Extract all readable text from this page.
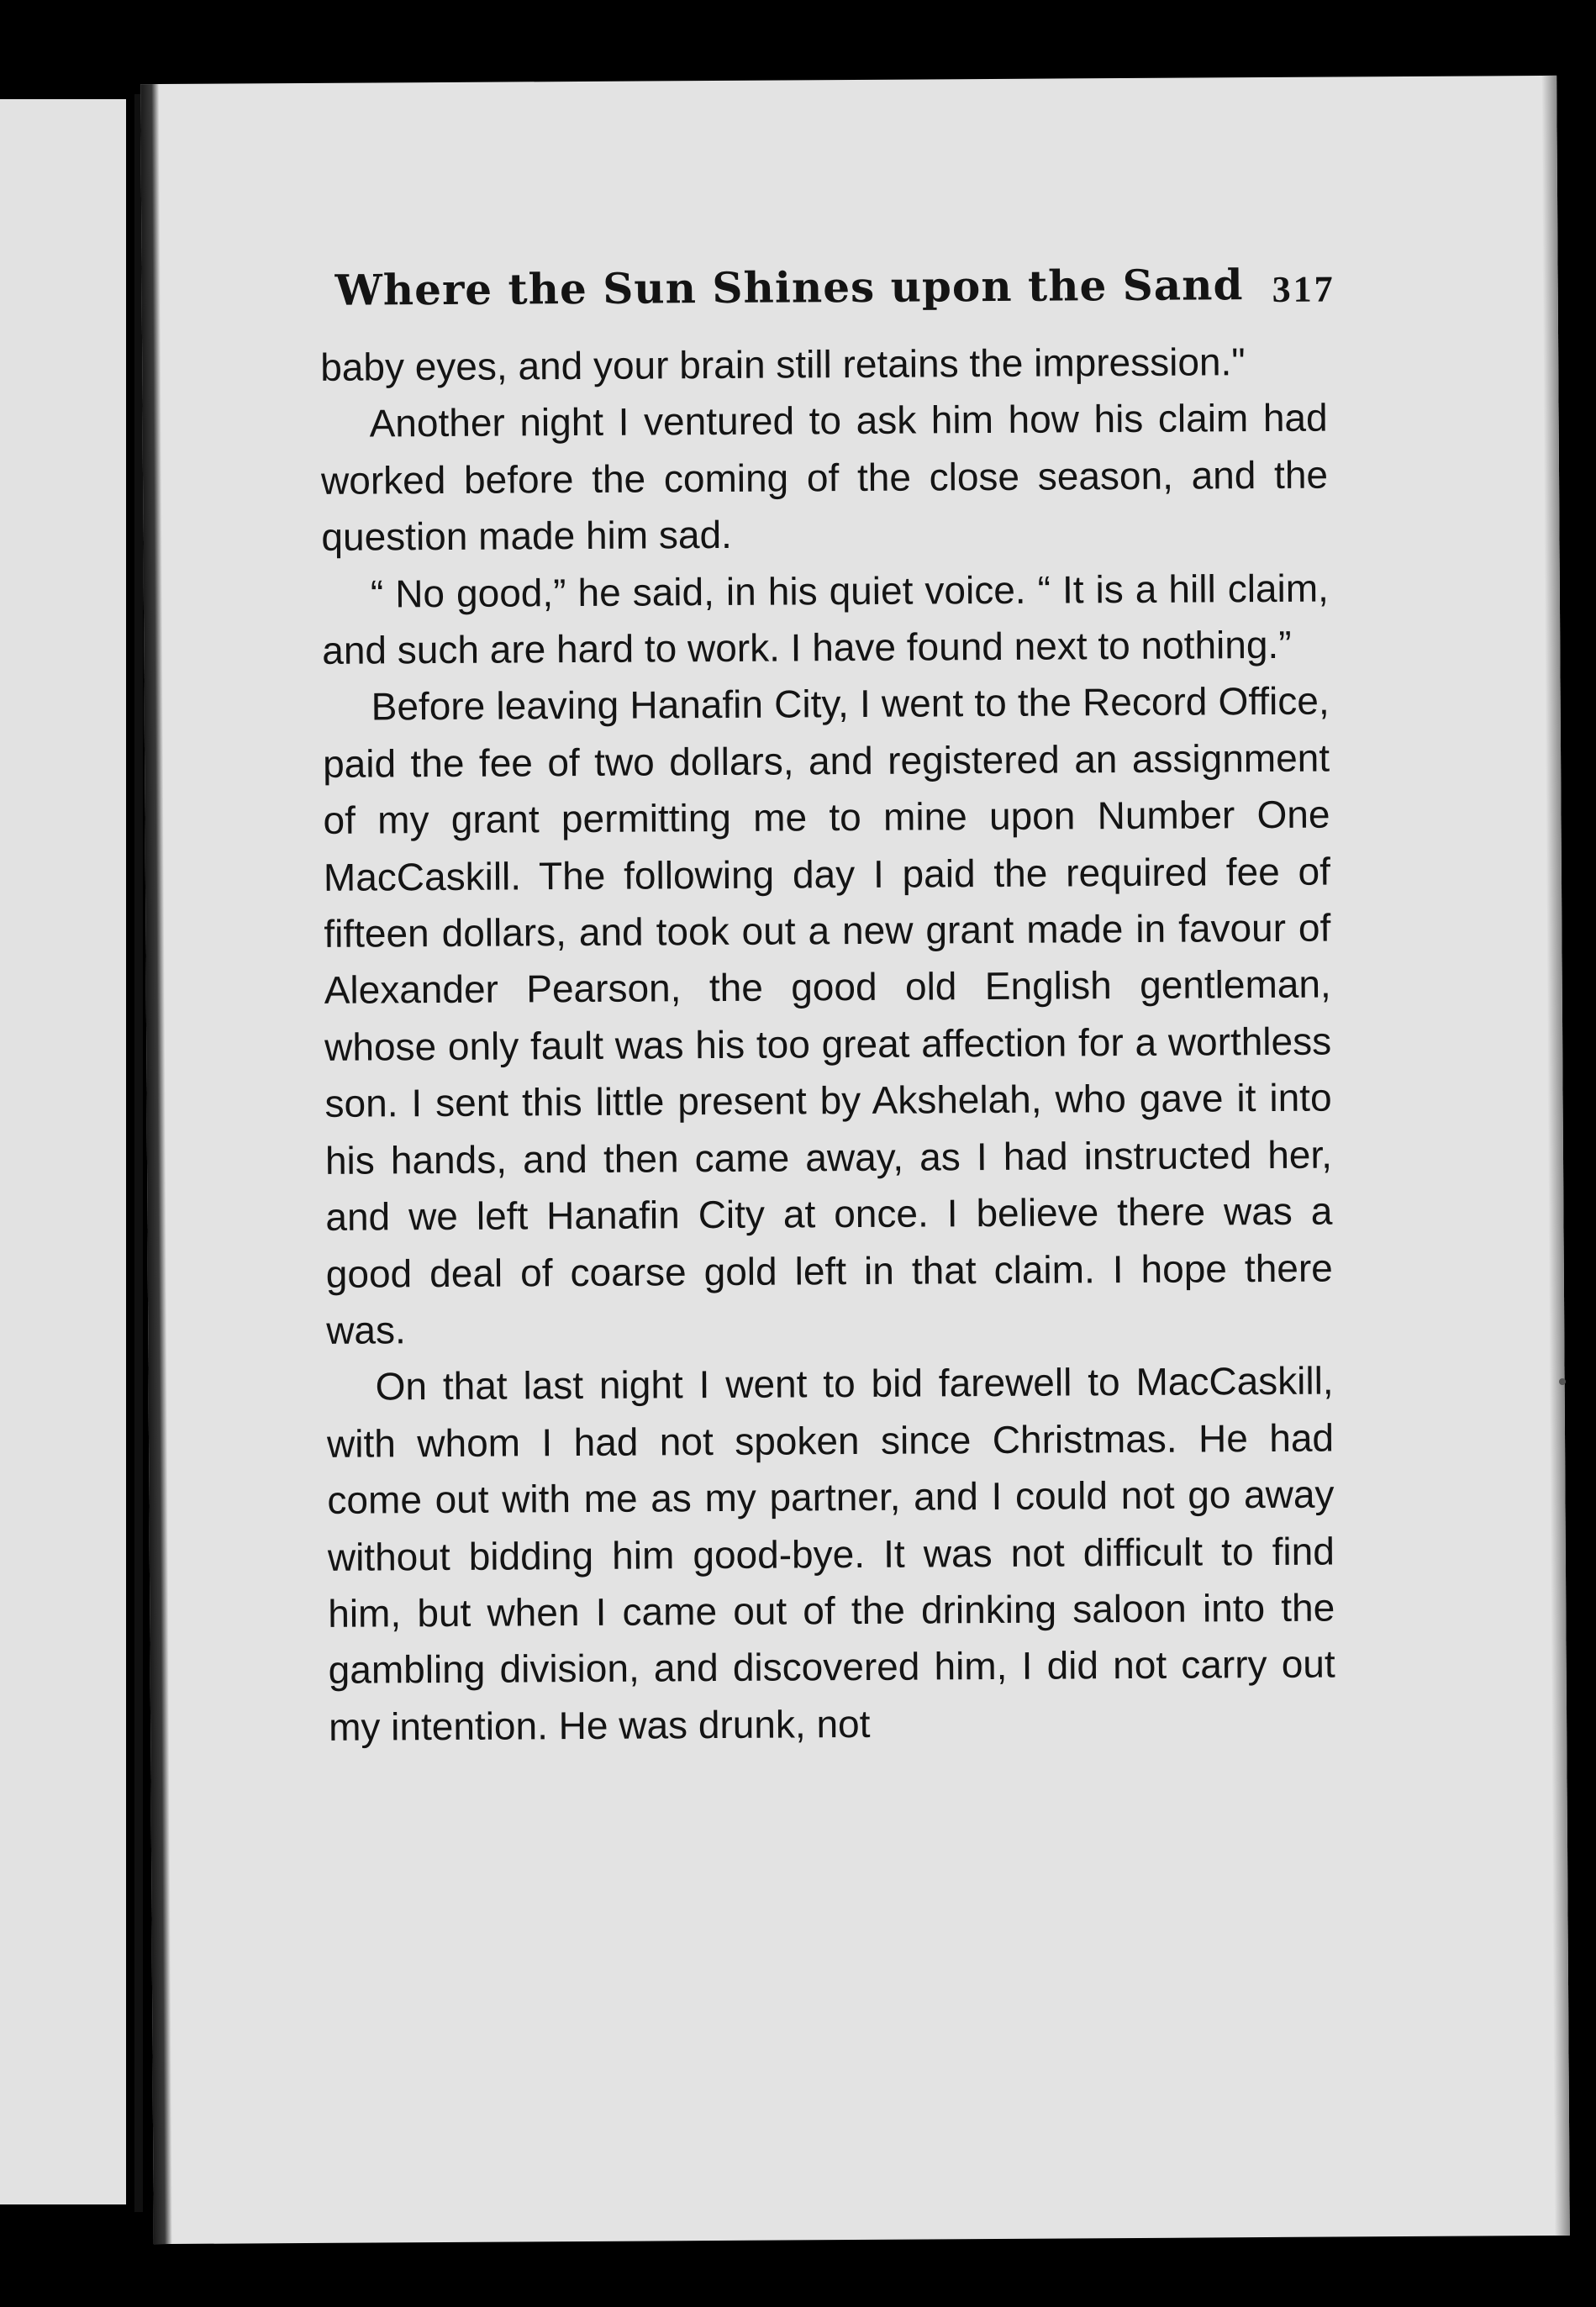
Where the Sun Shines upon the Sand 317

baby eyes, and your brain still retains the impression."

Another night I ventured to ask him how his claim had worked before the coming of the close season, and the question made him sad.

“ No good,” he said, in his quiet voice. “ It is a hill claim, and such are hard to work. I have found next to nothing.”

Before leaving Hanafin City, I went to the Record Office, paid the fee of two dollars, and registered an assignment of my grant permitting me to mine upon Number One MacCaskill. The following day I paid the required fee of fifteen dollars, and took out a new grant made in favour of Alexander Pearson, the good old English gentleman, whose only fault was his too great affection for a worthless son. I sent this little present by Akshelah, who gave it into his hands, and then came away, as I had instructed her, and we left Hanafin City at once. I believe there was a good deal of coarse gold left in that claim. I hope there was.

On that last night I went to bid farewell to MacCaskill, with whom I had not spoken since Christmas. He had come out with me as my partner, and I could not go away without bidding him good-bye. It was not difficult to find him, but when I came out of the drinking saloon into the gambling division, and discovered him, I did not carry out my intention. He was drunk, not
